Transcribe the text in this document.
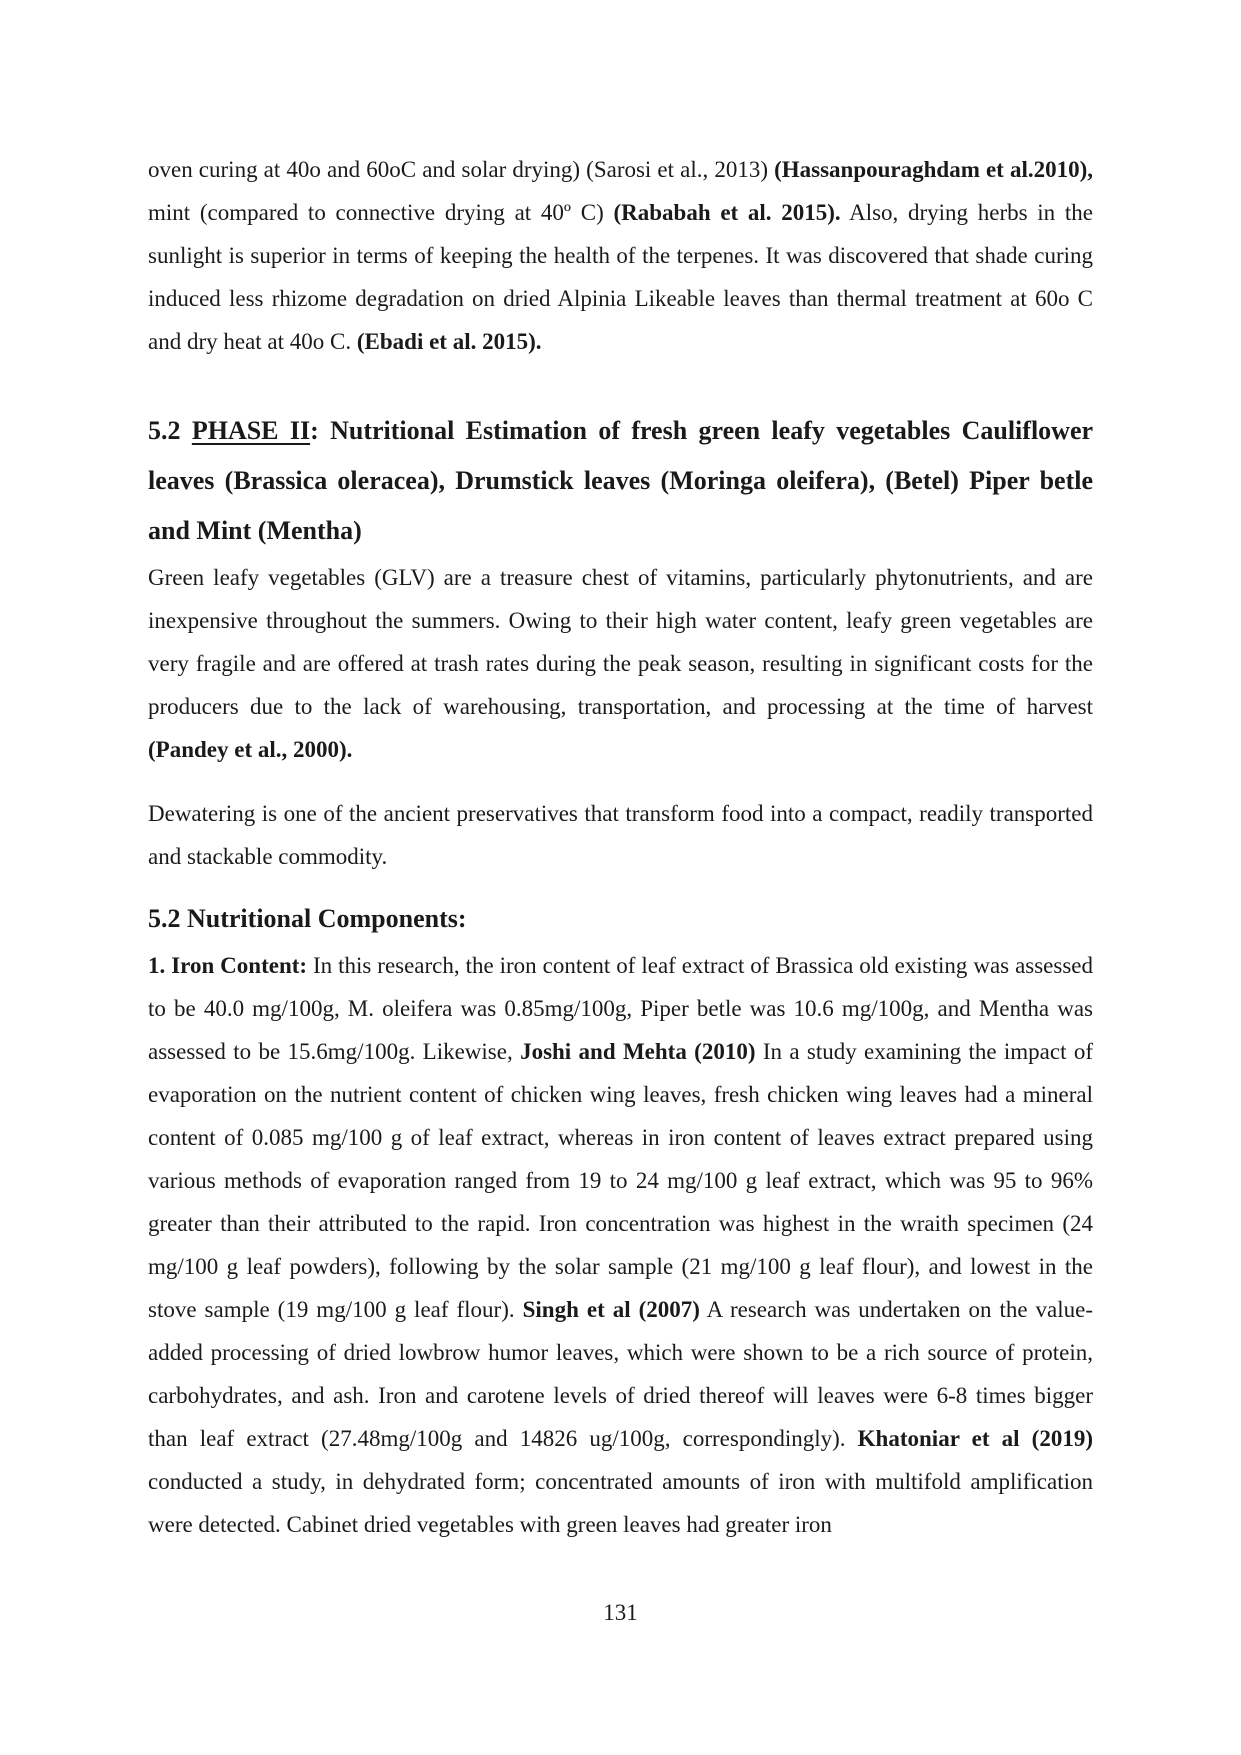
oven curing at 40o and 60oC and solar drying) (Sarosi et al., 2013) (Hassanpouraghdam et al.2010), mint (compared to connective drying at 40º C) (Rababah et al. 2015). Also, drying herbs in the sunlight is superior in terms of keeping the health of the terpenes. It was discovered that shade curing induced less rhizome degradation on dried Alpinia Likeable leaves than thermal treatment at 60o C and dry heat at 40o C. (Ebadi et al. 2015).

5.2 PHASE II: Nutritional Estimation of fresh green leafy vegetables Cauliflower leaves (Brassica oleracea), Drumstick leaves (Moringa oleifera), (Betel) Piper betle and Mint (Mentha)

Green leafy vegetables (GLV) are a treasure chest of vitamins, particularly phytonutrients, and are inexpensive throughout the summers. Owing to their high water content, leafy green vegetables are very fragile and are offered at trash rates during the peak season, resulting in significant costs for the producers due to the lack of warehousing, transportation, and processing at the time of harvest (Pandey et al., 2000).

Dewatering is one of the ancient preservatives that transform food into a compact, readily transported and stackable commodity.

5.2 Nutritional Components:

1. Iron Content: In this research, the iron content of leaf extract of Brassica old existing was assessed to be 40.0 mg/100g, M. oleifera was 0.85mg/100g, Piper betle was 10.6 mg/100g, and Mentha was assessed to be 15.6mg/100g. Likewise, Joshi and Mehta (2010) In a study examining the impact of evaporation on the nutrient content of chicken wing leaves, fresh chicken wing leaves had a mineral content of 0.085 mg/100 g of leaf extract, whereas in iron content of leaves extract prepared using various methods of evaporation ranged from 19 to 24 mg/100 g leaf extract, which was 95 to 96% greater than their attributed to the rapid. Iron concentration was highest in the wraith specimen (24 mg/100 g leaf powders), following by the solar sample (21 mg/100 g leaf flour), and lowest in the stove sample (19 mg/100 g leaf flour). Singh et al (2007) A research was undertaken on the value-added processing of dried lowbrow humor leaves, which were shown to be a rich source of protein, carbohydrates, and ash. Iron and carotene levels of dried thereof will leaves were 6-8 times bigger than leaf extract (27.48mg/100g and 14826 ug/100g, correspondingly). Khatoniar et al (2019) conducted a study, in dehydrated form; concentrated amounts of iron with multifold amplification were detected. Cabinet dried vegetables with green leaves had greater iron

131
